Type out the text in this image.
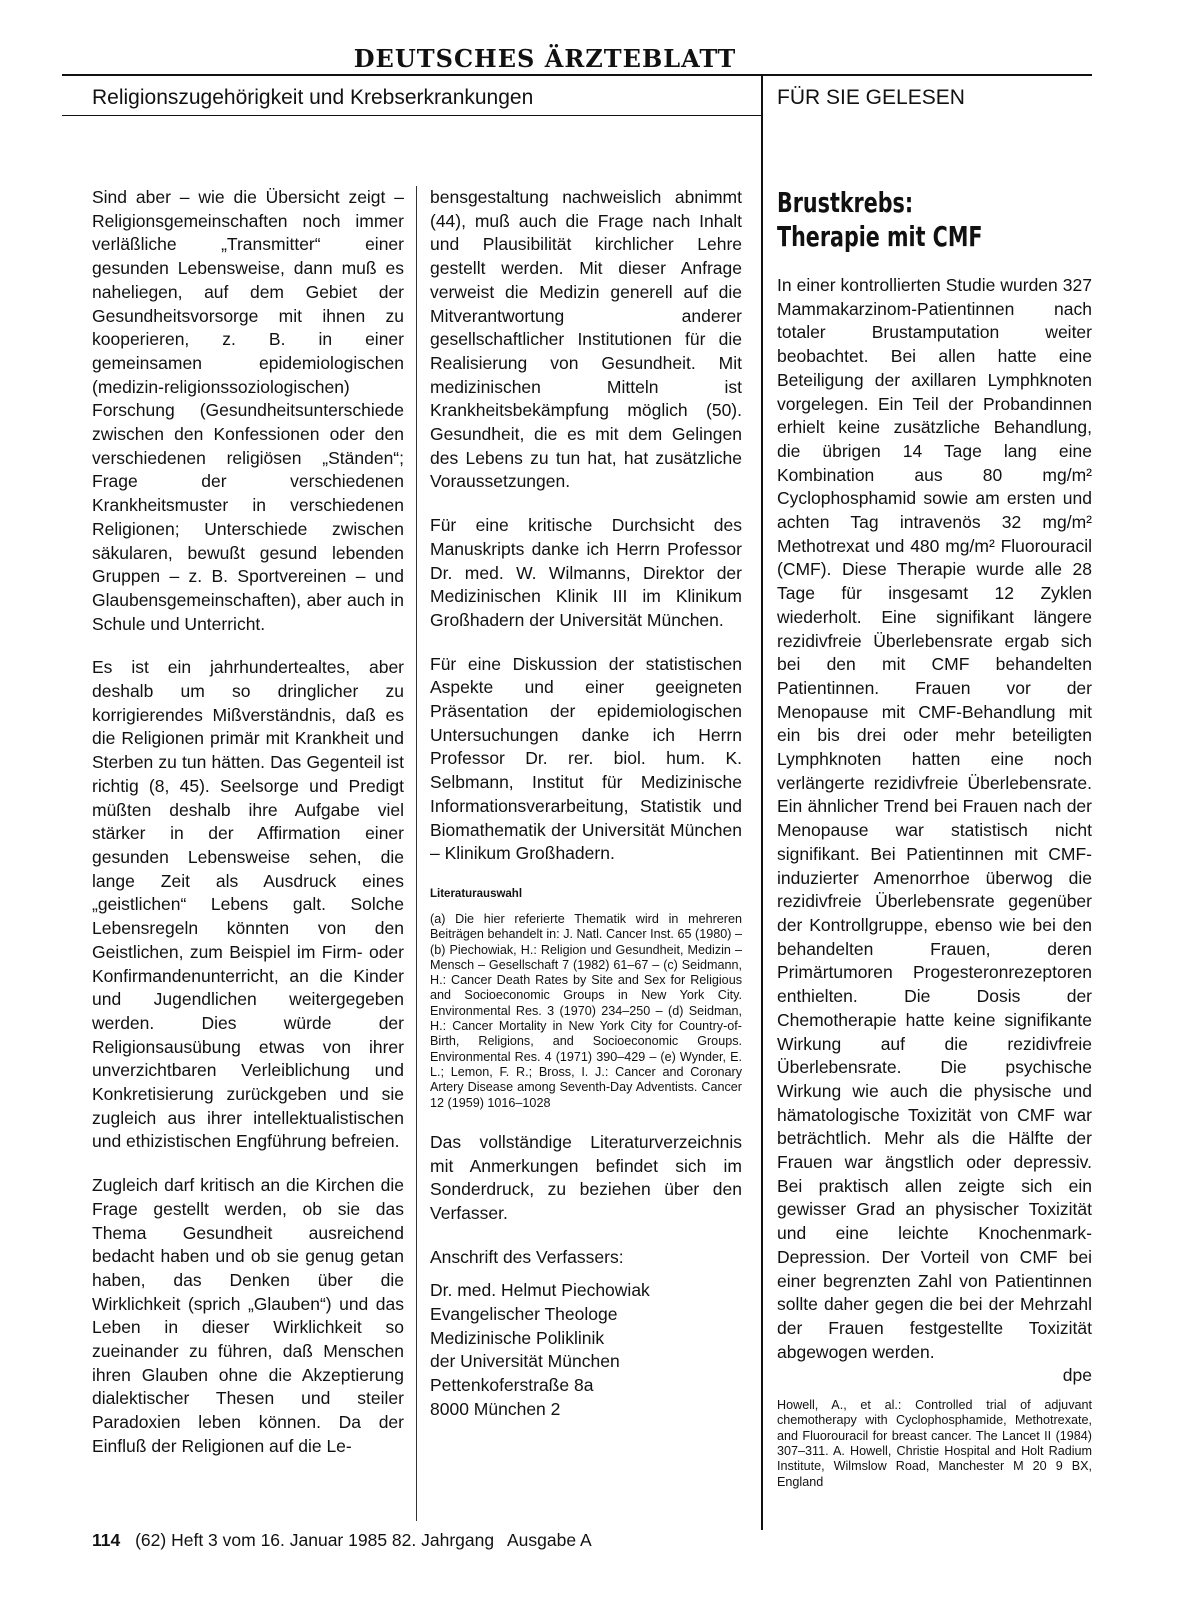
DEUTSCHES ÄRZTEBLATT
Religionszugehörigkeit und Krebserkrankungen	FÜR SIE GELESEN

Sind aber – wie die Übersicht zeigt – Religionsgemeinschaften noch immer verläßliche „Transmitter“ einer gesunden Lebensweise, dann muß es naheliegen, auf dem Gebiet der Gesundheitsvorsorge mit ihnen zu kooperieren, z. B. in einer gemeinsamen epidemiologischen (medizin-religionssoziologischen) Forschung (Gesundheitsunterschiede zwischen den Konfessionen oder den verschiedenen religiösen „Ständen“; Frage der verschiedenen Krankheitsmuster in verschiedenen Religionen; Unterschiede zwischen säkularen, bewußt gesund lebenden Gruppen – z. B. Sportvereinen – und Glaubensgemeinschaften), aber auch in Schule und Unterricht.

Es ist ein jahrhundertealtes, aber deshalb um so dringlicher zu korrigierendes Mißverständnis, daß es die Religionen primär mit Krankheit und Sterben zu tun hätten. Das Gegenteil ist richtig (8, 45). Seelsorge und Predigt müßten deshalb ihre Aufgabe viel stärker in der Affirmation einer gesunden Lebensweise sehen, die lange Zeit als Ausdruck eines „geistlichen“ Lebens galt. Solche Lebensregeln könnten von den Geistlichen, zum Beispiel im Firm- oder Konfirmandenunterricht, an die Kinder und Jugendlichen weitergegeben werden. Dies würde der Religionsausübung etwas von ihrer unverzichtbaren Verleiblichung und Konkretisierung zurückgeben und sie zugleich aus ihrer intellektualistischen und ethizistischen Engführung befreien.

Zugleich darf kritisch an die Kirchen die Frage gestellt werden, ob sie das Thema Gesundheit ausreichend bedacht haben und ob sie genug getan haben, das Denken über die Wirklichkeit (sprich „Glauben“) und das Leben in dieser Wirklichkeit so zueinander zu führen, daß Menschen ihren Glauben ohne die Akzeptierung dialektischer Thesen und steiler Paradoxien leben können. Da der Einfluß der Religionen auf die Le-

bensgestaltung nachweislich abnimmt (44), muß auch die Frage nach Inhalt und Plausibilität kirchlicher Lehre gestellt werden. Mit dieser Anfrage verweist die Medizin generell auf die Mitverantwortung anderer gesellschaftlicher Institutionen für die Realisierung von Gesundheit. Mit medizinischen Mitteln ist Krankheitsbekämpfung möglich (50). Gesundheit, die es mit dem Gelingen des Lebens zu tun hat, hat zusätzliche Voraussetzungen.

Für eine kritische Durchsicht des Manuskripts danke ich Herrn Professor Dr. med. W. Wilmanns, Direktor der Medizinischen Klinik III im Klinikum Großhadern der Universität München.

Für eine Diskussion der statistischen Aspekte und einer geeigneten Präsentation der epidemiologischen Untersuchungen danke ich Herrn Professor Dr. rer. biol. hum. K. Selbmann, Institut für Medizinische Informationsverarbeitung, Statistik und Biomathematik der Universität München – Klinikum Großhadern.

Literaturauswahl

(a) Die hier referierte Thematik wird in mehreren Beiträgen behandelt in: J. Natl. Cancer Inst. 65 (1980) – (b) Piechowiak, H.: Religion und Gesundheit, Medizin – Mensch – Gesellschaft 7 (1982) 61–67 – (c) Seidmann, H.: Cancer Death Rates by Site and Sex for Religious and Socioeconomic Groups in New York City. Environmental Res. 3 (1970) 234–250 – (d) Seidman, H.: Cancer Mortality in New York City for Country-of-Birth, Religions, and Socioeconomic Groups. Environmental Res. 4 (1971) 390–429 – (e) Wynder, E. L.; Lemon, F. R.; Bross, I. J.: Cancer and Coronary Artery Disease among Seventh-Day Adventists. Cancer 12 (1959) 1016–1028

Das vollständige Literaturverzeichnis mit Anmerkungen befindet sich im Sonderdruck, zu beziehen über den Verfasser.

Anschrift des Verfassers:
Dr. med. Helmut Piechowiak
Evangelischer Theologe
Medizinische Poliklinik
der Universität München
Pettenkoferstraße 8a
8000 München 2

Brustkrebs:
Therapie mit CMF

In einer kontrollierten Studie wurden 327 Mammakarzinom-Patientinnen nach totaler Brustamputation weiter beobachtet. Bei allen hatte eine Beteiligung der axillaren Lymphknoten vorgelegen. Ein Teil der Probandinnen erhielt keine zusätzliche Behandlung, die übrigen 14 Tage lang eine Kombination aus 80 mg/m² Cyclophosphamid sowie am ersten und achten Tag intravenös 32 mg/m² Methotrexat und 480 mg/m² Fluorouracil (CMF). Diese Therapie wurde alle 28 Tage für insgesamt 12 Zyklen wiederholt. Eine signifikant längere rezidivfreie Überlebensrate ergab sich bei den mit CMF behandelten Patientinnen. Frauen vor der Menopause mit CMF-Behandlung mit ein bis drei oder mehr beteiligten Lymphknoten hatten eine noch verlängerte rezidivfreie Überlebensrate. Ein ähnlicher Trend bei Frauen nach der Menopause war statistisch nicht signifikant. Bei Patientinnen mit CMF-induzierter Amenorrhoe überwog die rezidivfreie Überlebensrate gegenüber der Kontrollgruppe, ebenso wie bei den behandelten Frauen, deren Primärtumoren Progesteronrezeptoren enthielten. Die Dosis der Chemotherapie hatte keine signifikante Wirkung auf die rezidivfreie Überlebensrate. Die psychische Wirkung wie auch die physische und hämatologische Toxizität von CMF war beträchtlich. Mehr als die Hälfte der Frauen war ängstlich oder depressiv. Bei praktisch allen zeigte sich ein gewisser Grad an physischer Toxizität und eine leichte Knochenmark-Depression. Der Vorteil von CMF bei einer begrenzten Zahl von Patientinnen sollte daher gegen die bei der Mehrzahl der Frauen festgestellte Toxizität abgewogen werden.

dpe

Howell, A., et al.: Controlled trial of adjuvant chemotherapy with Cyclophosphamide, Methotrexate, and Fluorouracil for breast cancer. The Lancet II (1984) 307–311. A. Howell, Christie Hospital and Holt Radium Institute, Wilmslow Road, Manchester M 20 9 BX, England

114 (62) Heft 3 vom 16. Januar 1985 82. Jahrgang Ausgabe A
